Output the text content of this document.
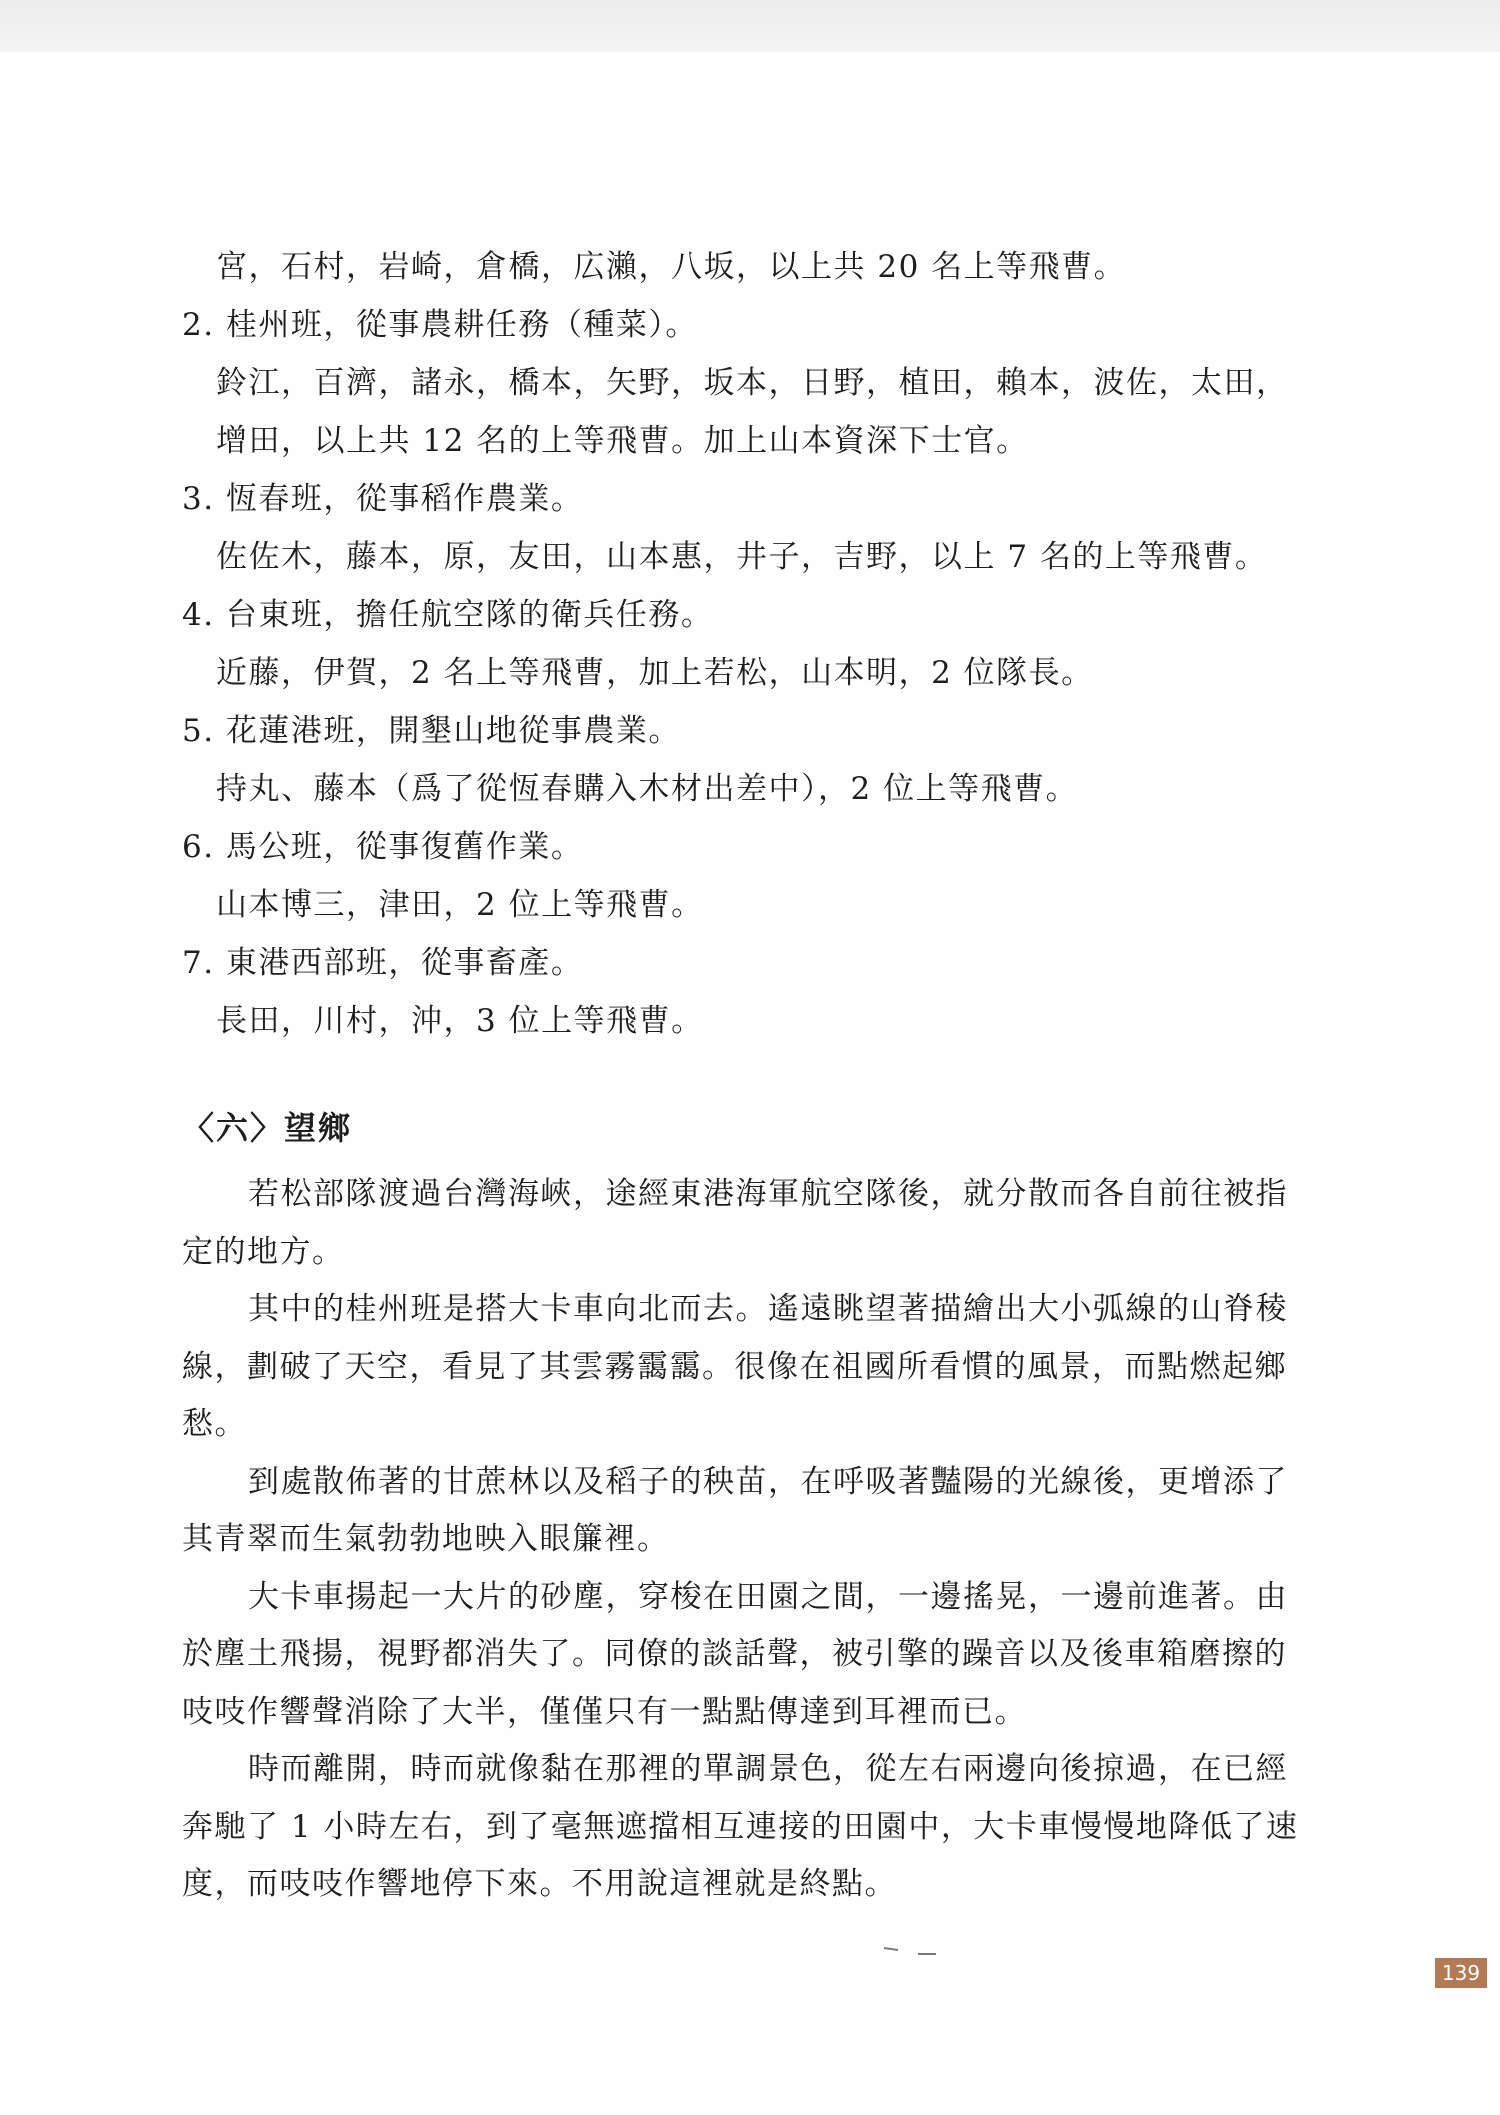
宮，石村，岩崎，倉橋，広瀨，八坂，以上共 20 名上等飛曹。
2. 桂州班，從事農耕任務（種菜）。
鈴江，百濟，諸永，橋本，矢野，坂本，日野，植田，賴本，波佐，太田，
增田，以上共 12 名的上等飛曹。加上山本資深下士官。
3. 恆春班，從事稻作農業。
佐佐木，藤本，原，友田，山本惠，井子，吉野，以上 7 名的上等飛曹。
4. 台東班，擔任航空隊的衛兵任務。
近藤，伊賀，2 名上等飛曹，加上若松，山本明，2 位隊長。
5. 花蓮港班，開墾山地從事農業。
持丸、藤本（爲了從恆春購入木材出差中），2 位上等飛曹。
6. 馬公班，從事復舊作業。
山本博三，津田，2 位上等飛曹。
7. 東港西部班，從事畜產。
長田，川村，沖，3 位上等飛曹。
〈六〉望鄉

若松部隊渡過台灣海峽，途經東港海軍航空隊後，就分散而各自前往被指定的地方。

其中的桂州班是搭大卡車向北而去。遙遠眺望著描繪出大小弧線的山脊稜線，劃破了天空，看見了其雲霧靄靄。很像在祖國所看慣的風景，而點燃起鄉愁。

到處散佈著的甘蔗林以及稻子的秧苗，在呼吸著豔陽的光線後，更增添了其青翠而生氣勃勃地映入眼簾裡。

大卡車揚起一大片的砂塵，穿梭在田園之間，一邊搖晃，一邊前進著。由於塵土飛揚，視野都消失了。同僚的談話聲，被引擎的躁音以及後車箱磨擦的吱吱作響聲消除了大半，僅僅只有一點點傳達到耳裡而已。

時而離開，時而就像黏在那裡的單調景色，從左右兩邊向後掠過，在已經奔馳了 1 小時左右，到了毫無遮擋相互連接的田園中，大卡車慢慢地降低了速度，而吱吱作響地停下來。不用說這裡就是終點。

139
